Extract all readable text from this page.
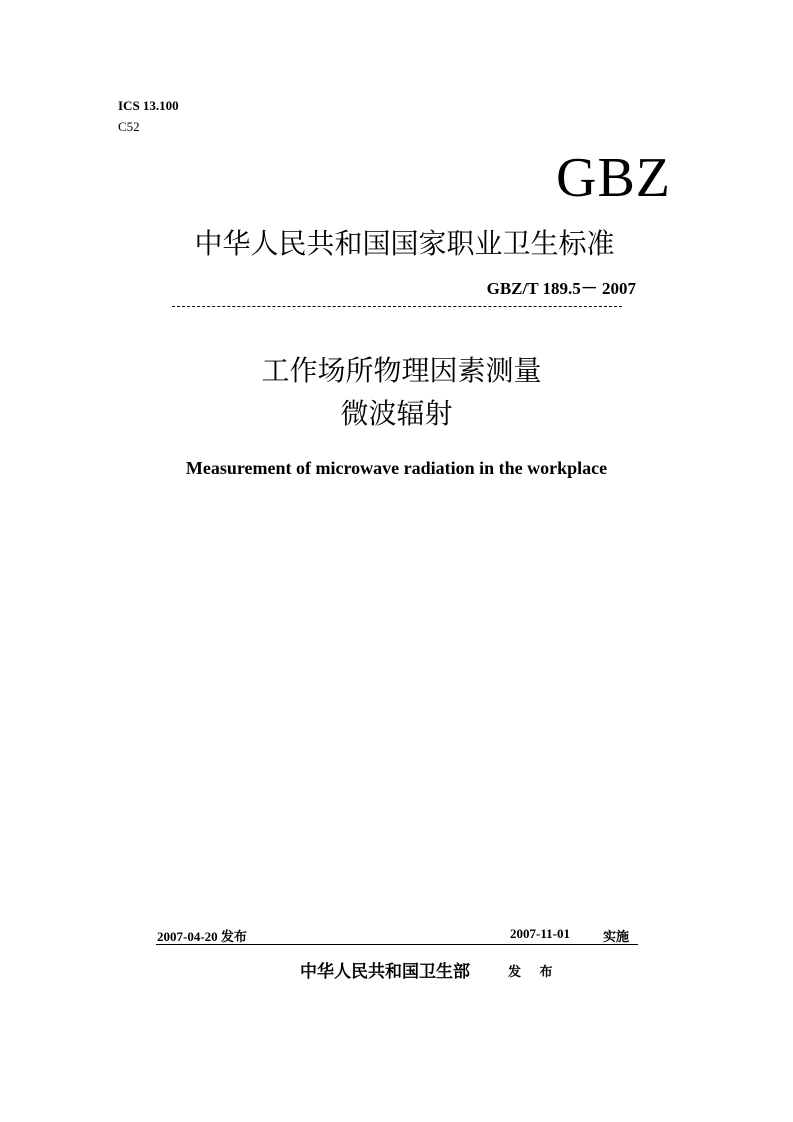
ICS 13.100
C52
GBZ
中华人民共和国国家职业卫生标准
GBZ/T 189.5－ 2007
工作场所物理因素测量
微波辐射
Measurement of microwave radiation in the workplace
2007-04-20 发布	2007-11-01	实施
中华人民共和国卫生部	发 布
